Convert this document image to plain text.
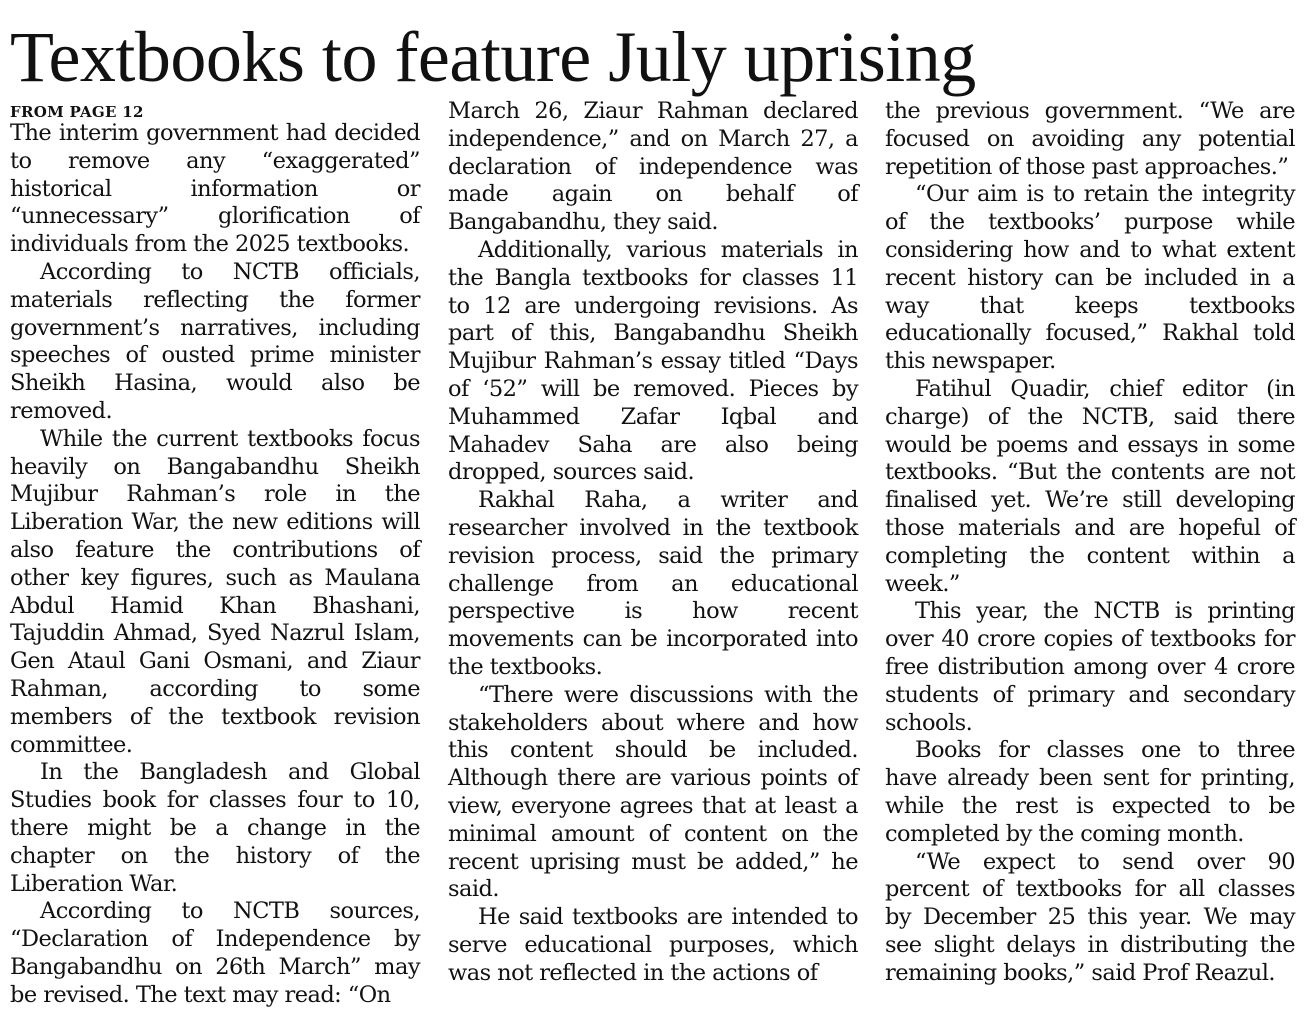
Textbooks to feature July uprising
FROM PAGE 12

The interim government had decided to remove any “exaggerated” historical information or “unnecessary” glorification of individuals from the 2025 textbooks.

According to NCTB officials, materials reflecting the former government’s narratives, including speeches of ousted prime minister Sheikh Hasina, would also be removed.

While the current textbooks focus heavily on Bangabandhu Sheikh Mujibur Rahman’s role in the Liberation War, the new editions will also feature the contributions of other key figures, such as Maulana Abdul Hamid Khan Bhashani, Tajuddin Ahmad, Syed Nazrul Islam, Gen Ataul Gani Osmani, and Ziaur Rahman, according to some members of the textbook revision committee.

In the Bangladesh and Global Studies book for classes four to 10, there might be a change in the chapter on the history of the Liberation War.

According to NCTB sources, “Declaration of Independence by Bangabandhu on 26th March” may be revised. The text may read: “On

March 26, Ziaur Rahman declared independence,” and on March 27, a declaration of independence was made again on behalf of Bangabandhu, they said.

Additionally, various materials in the Bangla textbooks for classes 11 to 12 are undergoing revisions. As part of this, Bangabandhu Sheikh Mujibur Rahman’s essay titled “Days of ‘52” will be removed. Pieces by Muhammed Zafar Iqbal and Mahadev Saha are also being dropped, sources said.

Rakhal Raha, a writer and researcher involved in the textbook revision process, said the primary challenge from an educational perspective is how recent movements can be incorporated into the textbooks.

“There were discussions with the stakeholders about where and how this content should be included. Although there are various points of view, everyone agrees that at least a minimal amount of content on the recent uprising must be added,” he said.

He said textbooks are intended to serve educational purposes, which was not reflected in the actions of

the previous government. “We are focused on avoiding any potential repetition of those past approaches.”

“Our aim is to retain the integrity of the textbooks’ purpose while considering how and to what extent recent history can be included in a way that keeps textbooks educationally focused,” Rakhal told this newspaper.

Fatihul Quadir, chief editor (in charge) of the NCTB, said there would be poems and essays in some textbooks. “But the contents are not finalised yet. We’re still developing those materials and are hopeful of completing the content within a week.”

This year, the NCTB is printing over 40 crore copies of textbooks for free distribution among over 4 crore students of primary and secondary schools.

Books for classes one to three have already been sent for printing, while the rest is expected to be completed by the coming month.

“We expect to send over 90 percent of textbooks for all classes by December 25 this year. We may see slight delays in distributing the remaining books,” said Prof Reazul.
